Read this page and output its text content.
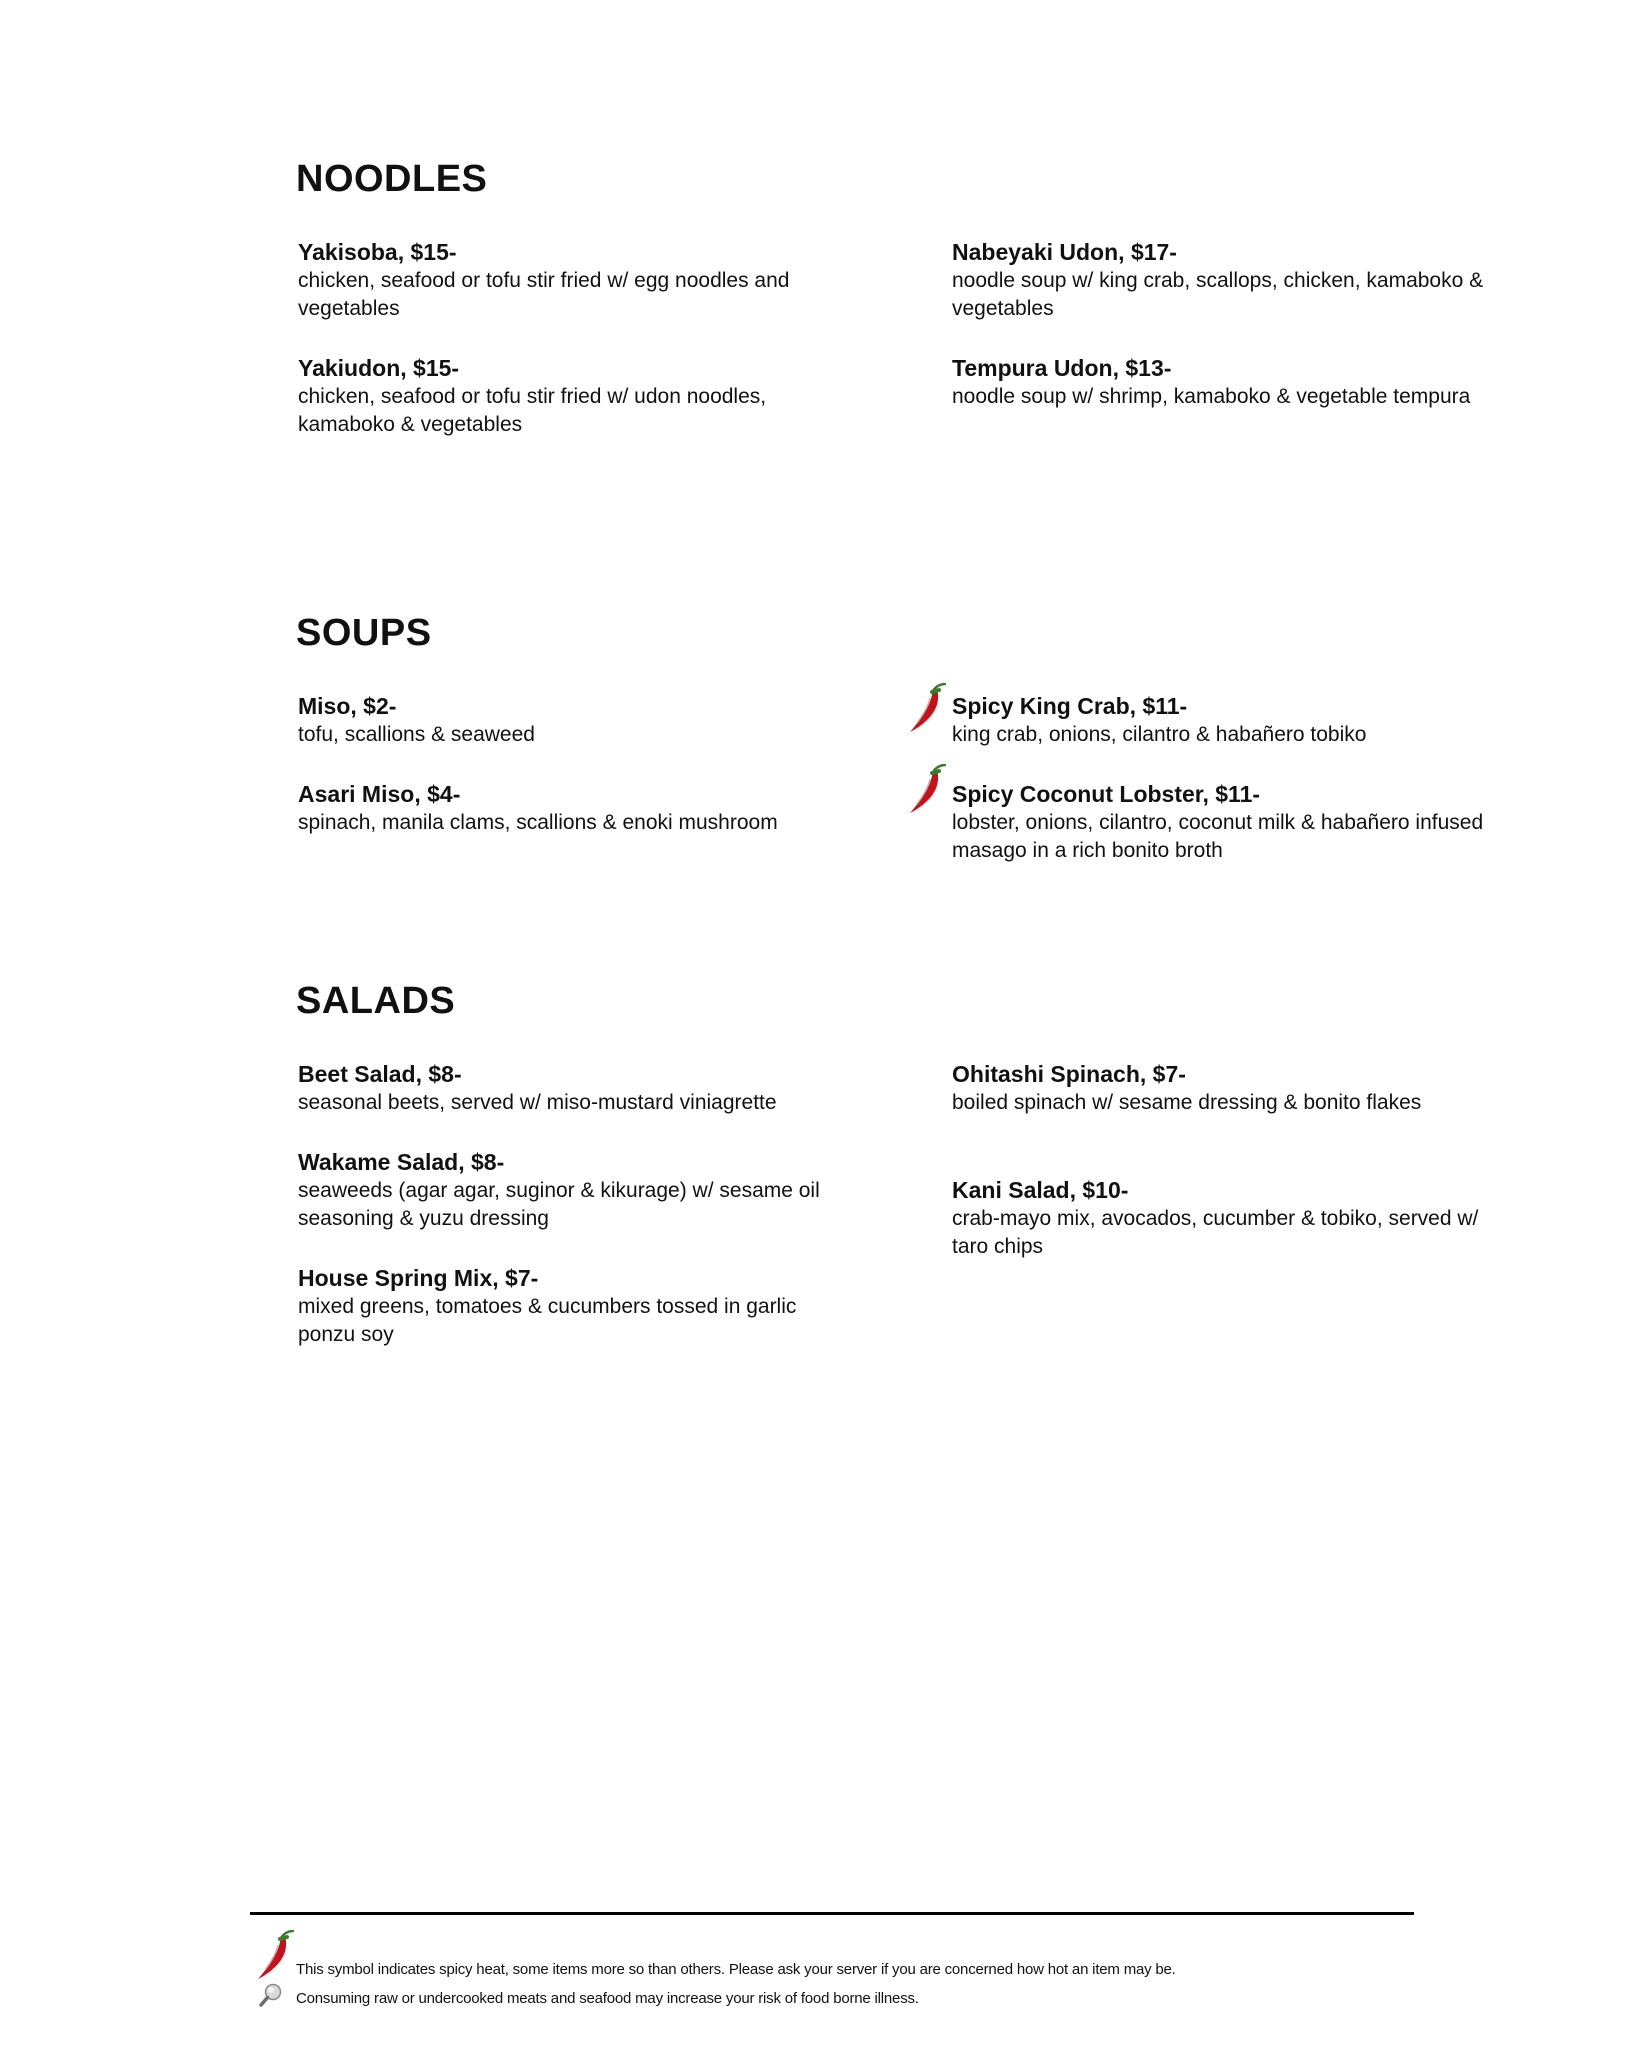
NOODLES
Yakisoba, $15-
chicken, seafood or tofu stir fried w/ egg noodles and vegetables
Nabeyaki Udon, $17-
noodle soup w/ king crab, scallops, chicken, kamaboko & vegetables
Yakiudon, $15-
chicken, seafood or tofu stir fried w/ udon noodles, kamaboko & vegetables
Tempura Udon, $13-
noodle soup w/ shrimp, kamaboko & vegetable tempura
SOUPS
Miso, $2-
tofu, scallions & seaweed
Spicy King Crab, $11-
king crab, onions, cilantro & habañero tobiko
Asari Miso, $4-
spinach, manila clams, scallions & enoki mushroom
Spicy Coconut Lobster, $11-
lobster, onions, cilantro, coconut milk & habañero infused masago in a rich bonito broth
SALADS
Beet Salad, $8-
seasonal beets, served w/ miso-mustard viniagrette
Ohitashi Spinach, $7-
boiled spinach w/ sesame dressing & bonito flakes
Wakame Salad, $8-
seaweeds (agar agar, suginor & kikurage) w/ sesame oil seasoning & yuzu dressing
Kani Salad, $10-
crab-mayo mix, avocados, cucumber & tobiko, served w/ taro chips
House Spring Mix, $7-
mixed greens, tomatoes & cucumbers tossed in garlic ponzu soy
This symbol indicates spicy heat, some items more so than others. Please ask your server if you are concerned how hot an item may be.
Consuming raw or undercooked meats and seafood may increase your risk of food borne illness.
